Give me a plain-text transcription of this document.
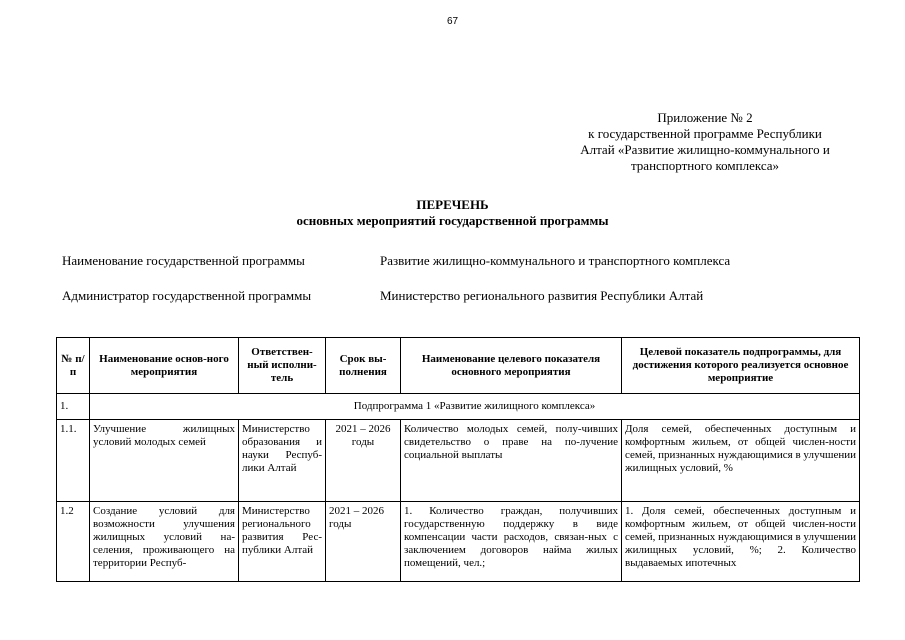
67
Приложение № 2
к государственной программе Республики
Алтай «Развитие жилищно-коммунального и
транспортного комплекса»
ПЕРЕЧЕНЬ
основных мероприятий государственной программы
Наименование государственной программы	Развитие жилищно-коммунального и транспортного комплекса
Администратор государственной программы	Министерство регионального развития Республики Алтай
№ п/п	Наименование основ-ного мероприятия	Ответствен-ный исполни-тель	Срок вы-полнения	Наименование целевого показателя основного мероприятия	Целевой показатель подпрограммы, для достижения которого реализуется основное мероприятие
1.	Подпрограмма 1 «Развитие жилищного комплекса»				
1.1.	Улучшение жилищных условий молодых семей	Министерство образования и науки Респуб-лики Алтай	2021 – 2026 годы	Количество молодых семей, полу-чивших свидетельство о праве на по-лучение социальной выплаты	Доля семей, обеспеченных доступным и комфортным жильем, от общей числен-ности семей, признанных нуждающимися в улучшении жилищных условий, %
1.2	Создание условий для возможности улучшения жилищных условий на-селения, проживающего на территории Респуб-	Министерство регионального развития Рес-публики Алтай	2021 – 2026 годы	1. Количество граждан, получивших государственную поддержку в виде компенсации части расходов, связан-ных с заключением договоров найма жилых помещений, чел.;	1. Доля семей, обеспеченных доступным и комфортным жильем, от общей числен-ности семей, признанных нуждающимися в улучшении жилищных условий, %; 2. Количество выдаваемых ипотечных
